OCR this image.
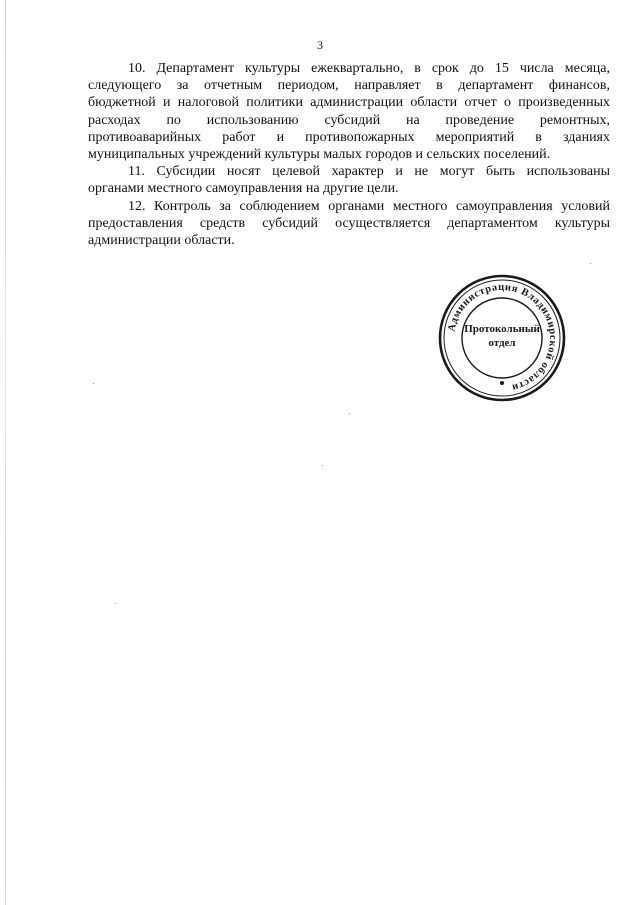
3
10. Департамент культуры ежеквартально, в срок до 15 числа месяца,
следующего за отчетным периодом, направляет в департамент финансов,
бюджетной и налоговой политики администрации области отчет о произведенных
расходах по использованию субсидий на проведение ремонтных,
противоаварийных работ и противопожарных мероприятий в зданиях
муниципальных учреждений культуры малых городов и сельских поселений.
11. Субсидии носят целевой характер и не могут быть использованы
органами местного самоуправления на другие цели.
12. Контроль за соблюдением органами местного самоуправления условий
предоставления средств субсидий осуществляется департаментом культуры
администрации области.
Администрация Владимирской области
Протокольный
отдел
